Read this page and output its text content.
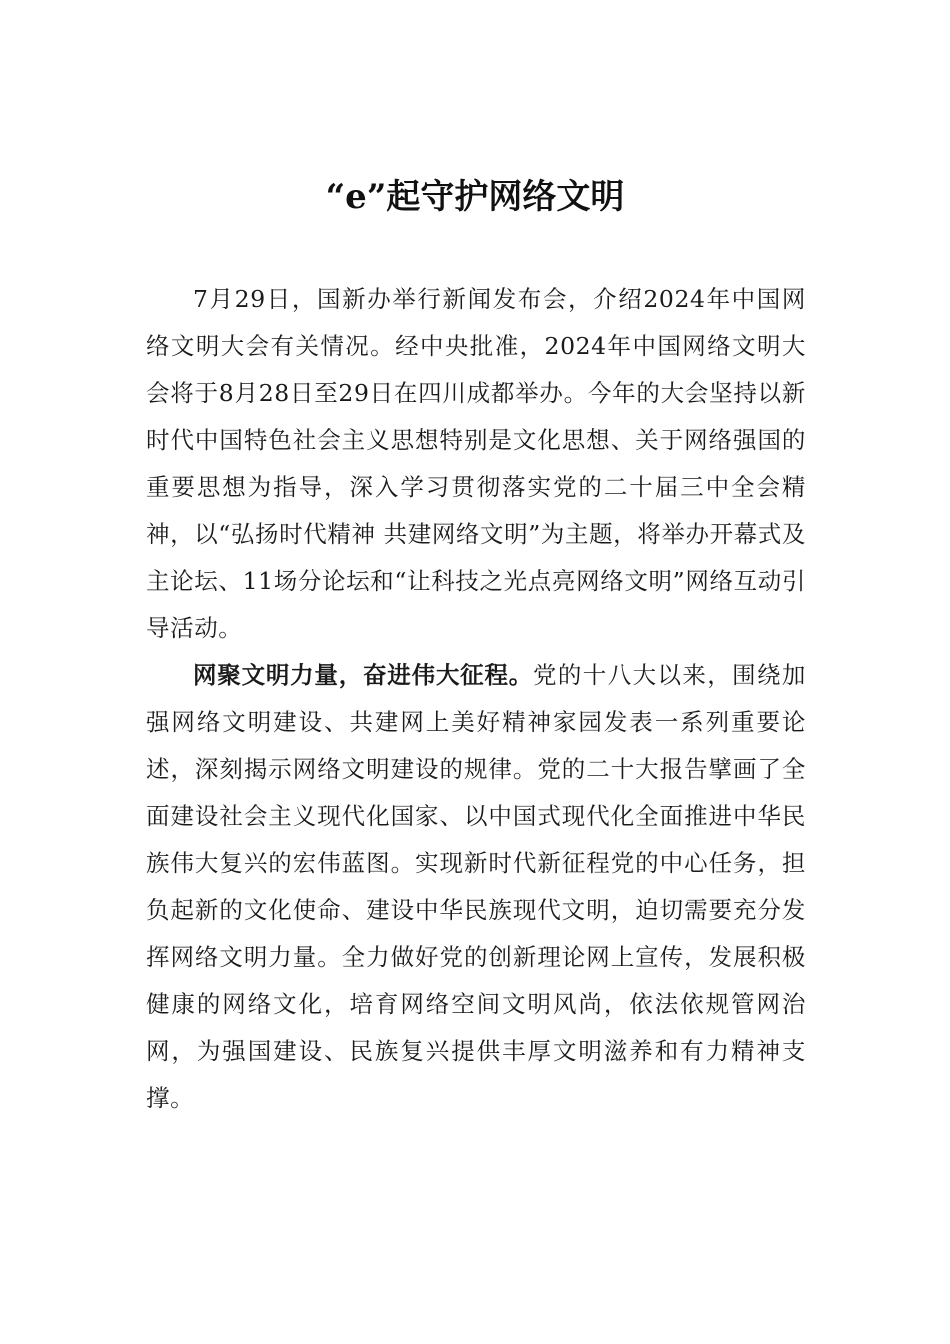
“e”起守护网络文明

7月29日，国新办举行新闻发布会，介绍2024年中国网络文明大会有关情况。经中央批准，2024年中国网络文明大会将于8月28日至29日在四川成都举办。今年的大会坚持以新时代中国特色社会主义思想特别是文化思想、关于网络强国的重要思想为指导，深入学习贯彻落实党的二十届三中全会精神，以“弘扬时代精神 共建网络文明”为主题，将举办开幕式及主论坛、11场分论坛和“让科技之光点亮网络文明”网络互动引导活动。

网聚文明力量，奋进伟大征程。党的十八大以来，围绕加强网络文明建设、共建网上美好精神家园发表一系列重要论述，深刻揭示网络文明建设的规律。党的二十大报告擘画了全面建设社会主义现代化国家、以中国式现代化全面推进中华民族伟大复兴的宏伟蓝图。实现新时代新征程党的中心任务，担负起新的文化使命、建设中华民族现代文明，迫切需要充分发挥网络文明力量。全力做好党的创新理论网上宣传，发展积极健康的网络文化，培育网络空间文明风尚，依法依规管网治网，为强国建设、民族复兴提供丰厚文明滋养和有力精神支撑。
